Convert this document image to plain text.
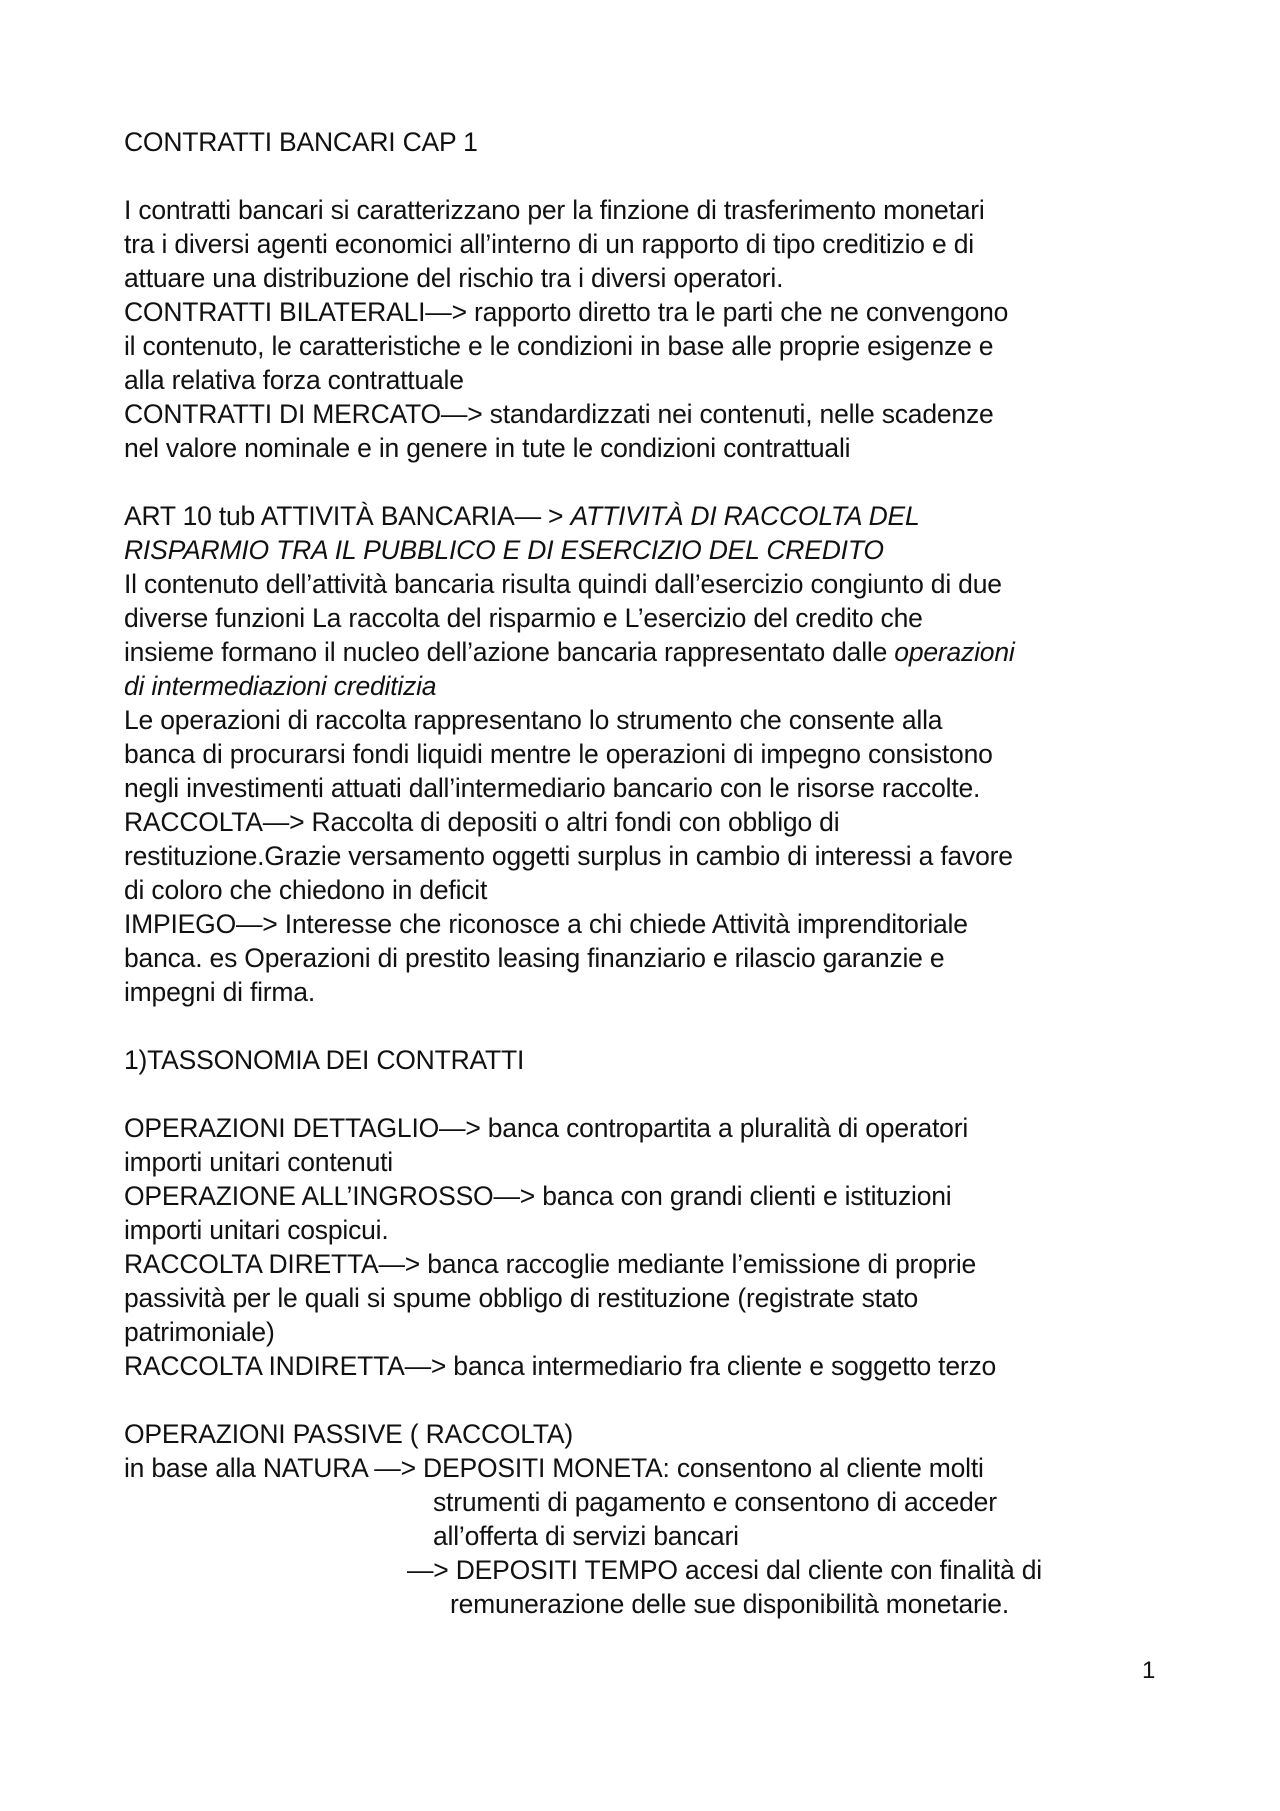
CONTRATTI BANCARI CAP 1
I contratti bancari si caratterizzano per la finzione di trasferimento monetari
tra i diversi agenti economici all’interno di un rapporto di tipo creditizio e di
attuare una distribuzione del rischio tra i diversi operatori.
CONTRATTI BILATERALI—> rapporto diretto tra le parti che ne convengono
il contenuto, le caratteristiche e le condizioni in base alle proprie esigenze e
alla relativa forza contrattuale
CONTRATTI DI MERCATO—> standardizzati nei contenuti, nelle scadenze
nel valore nominale e in genere in tute le condizioni contrattuali
ART 10 tub ATTIVITÀ BANCARIA— > ATTIVITÀ DI RACCOLTA DEL
RISPARMIO TRA IL PUBBLICO E DI ESERCIZIO DEL CREDITO
Il contenuto dell’attività bancaria risulta quindi dall’esercizio congiunto di due
diverse funzioni La raccolta del risparmio e L’esercizio del credito che
insieme formano il nucleo dell’azione bancaria rappresentato dalle operazioni
di intermediazioni creditizia
Le operazioni di raccolta rappresentano lo strumento che consente alla
banca di procurarsi fondi liquidi mentre le operazioni di impegno consistono
negli investimenti attuati dall’intermediario bancario con le risorse raccolte.
RACCOLTA—> Raccolta di depositi o altri fondi con obbligo di
restituzione.Grazie versamento oggetti surplus in cambio di interessi a favore
di coloro che chiedono in deficit
IMPIEGO—> Interesse che riconosce a chi chiede Attività imprenditoriale
banca. es Operazioni di prestito leasing finanziario e rilascio garanzie e
impegni di firma.
1)TASSONOMIA DEI CONTRATTI
OPERAZIONI DETTAGLIO—> banca contropartita a pluralità di operatori
importi unitari contenuti
OPERAZIONE ALL’INGROSSO—> banca con grandi clienti e istituzioni
importi unitari cospicui.
RACCOLTA DIRETTA—> banca raccoglie mediante l’emissione di proprie
passività per le quali si spume obbligo di restituzione (registrate stato
patrimoniale)
RACCOLTA INDIRETTA—> banca intermediario fra cliente e soggetto terzo
OPERAZIONI PASSIVE ( RACCOLTA)
in base alla NATURA —> DEPOSITI MONETA: consentono al cliente molti
strumenti di pagamento e consentono di acceder
all’offerta di servizi bancari
—> DEPOSITI TEMPO accesi dal cliente con finalità di
remunerazione delle sue disponibilità monetarie.
1
